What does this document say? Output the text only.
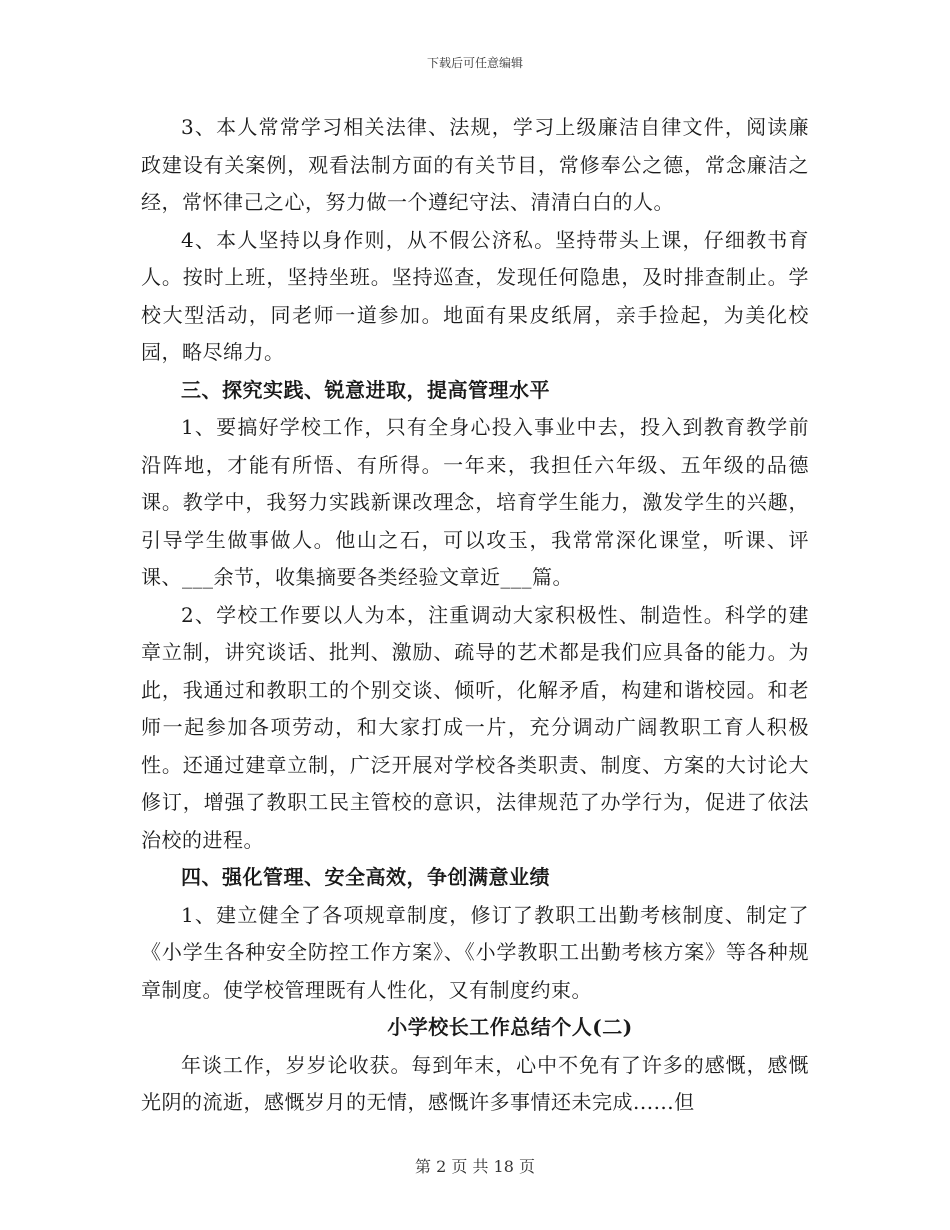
下载后可任意编辑

3、本人常常学习相关法律、法规，学习上级廉洁自律文件，阅读廉政建设有关案例，观看法制方面的有关节目，常修奉公之德，常念廉洁之经，常怀律己之心，努力做一个遵纪守法、清清白白的人。

4、本人坚持以身作则，从不假公济私。坚持带头上课，仔细教书育人。按时上班，坚持坐班。坚持巡查，发现任何隐患，及时排查制止。学校大型活动，同老师一道参加。地面有果皮纸屑，亲手捡起，为美化校园，略尽绵力。

三、探究实践、锐意进取，提高管理水平

1、要搞好学校工作，只有全身心投入事业中去，投入到教育教学前沿阵地，才能有所悟、有所得。一年来，我担任六年级、五年级的品德课。教学中，我努力实践新课改理念，培育学生能力，激发学生的兴趣，引导学生做事做人。他山之石，可以攻玉，我常常深化课堂，听课、评课、___余节，收集摘要各类经验文章近___篇。

2、学校工作要以人为本，注重调动大家积极性、制造性。科学的建章立制，讲究谈话、批判、激励、疏导的艺术都是我们应具备的能力。为此，我通过和教职工的个别交谈、倾听，化解矛盾，构建和谐校园。和老师一起参加各项劳动，和大家打成一片，充分调动广阔教职工育人积极性。还通过建章立制，广泛开展对学校各类职责、制度、方案的大讨论大修订，增强了教职工民主管校的意识，法律规范了办学行为，促进了依法治校的进程。

四、强化管理、安全高效，争创满意业绩

1、建立健全了各项规章制度，修订了教职工出勤考核制度、制定了《小学生各种安全防控工作方案》、《小学教职工出勤考核方案》等各种规章制度。使学校管理既有人性化，又有制度约束。

小学校长工作总结个人(二)

年谈工作，岁岁论收获。每到年末，心中不免有了许多的感慨，感慨光阴的流逝，感慨岁月的无情，感慨许多事情还未完成......但

第 2 页 共 18 页
